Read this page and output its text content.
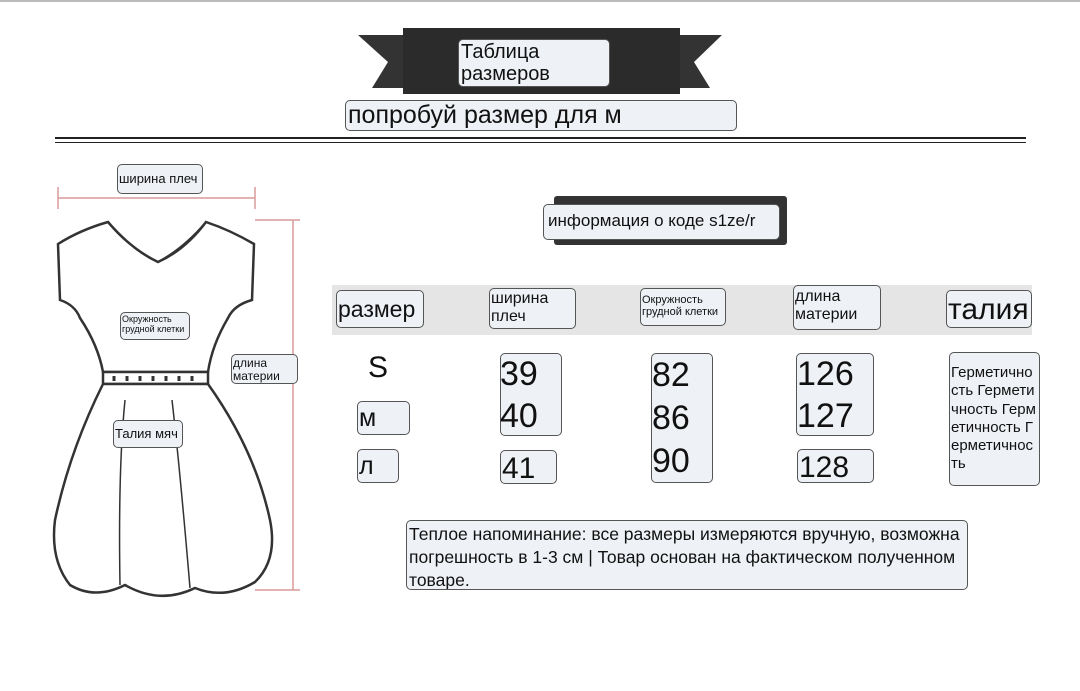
Таблица
размеров
попробуй размер для м
ширина плеч
Окружность грудной клетки
длина материи
Талия мяч
информация о коде s1ze/r
размер	ширина плеч
Окружность грудной клетки
длина материи	талия
S
м
л
39
40
41
82
86
90
126
127
128
Герметичность Герметичность Герметичность Герметичность
Теплое напоминание: все размеры измеряются вручную, возможна погрешность в 1-3 см | Товар основан на фактическом полученном товаре.
